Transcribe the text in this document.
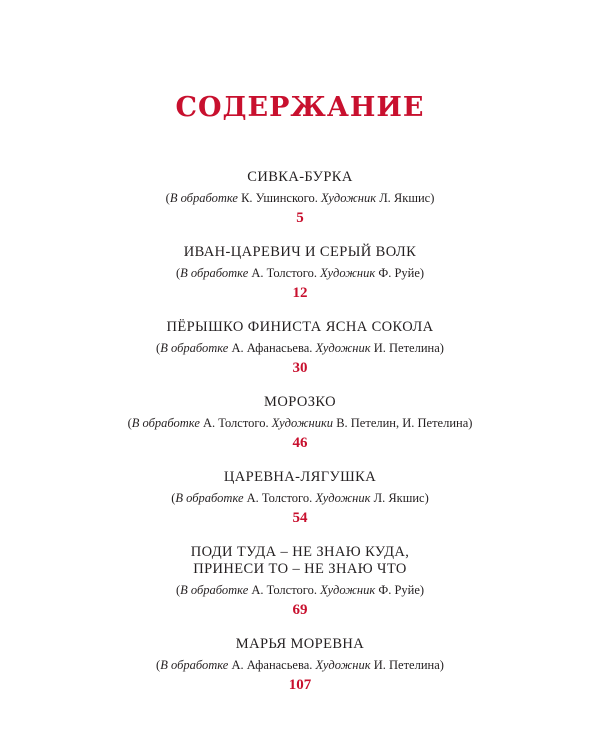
СОДЕРЖАНИЕ
СИВКА-БУРКА
(В обработке К. Ушинского. Художник Л. Якшис)
5
ИВАН-ЦАРЕВИЧ И СЕРЫЙ ВОЛК
(В обработке А. Толстого. Художник Ф. Руйе)
12
ПЁРЫШКО ФИНИСТА ЯСНА СОКОЛА
(В обработке А. Афанасьева. Художник И. Петелина)
30
МОРОЗКО
(В обработке А. Толстого. Художники В. Петелин, И. Петелина)
46
ЦАРЕВНА-ЛЯГУШКА
(В обработке А. Толстого. Художник Л. Якшис)
54
ПОДИ ТУДА – НЕ ЗНАЮ КУДА,
ПРИНЕСИ ТО – НЕ ЗНАЮ ЧТО
(В обработке А. Толстого. Художник Ф. Руйе)
69
МАРЬЯ МОРЕВНА
(В обработке А. Афанасьева. Художник И. Петелина)
107
